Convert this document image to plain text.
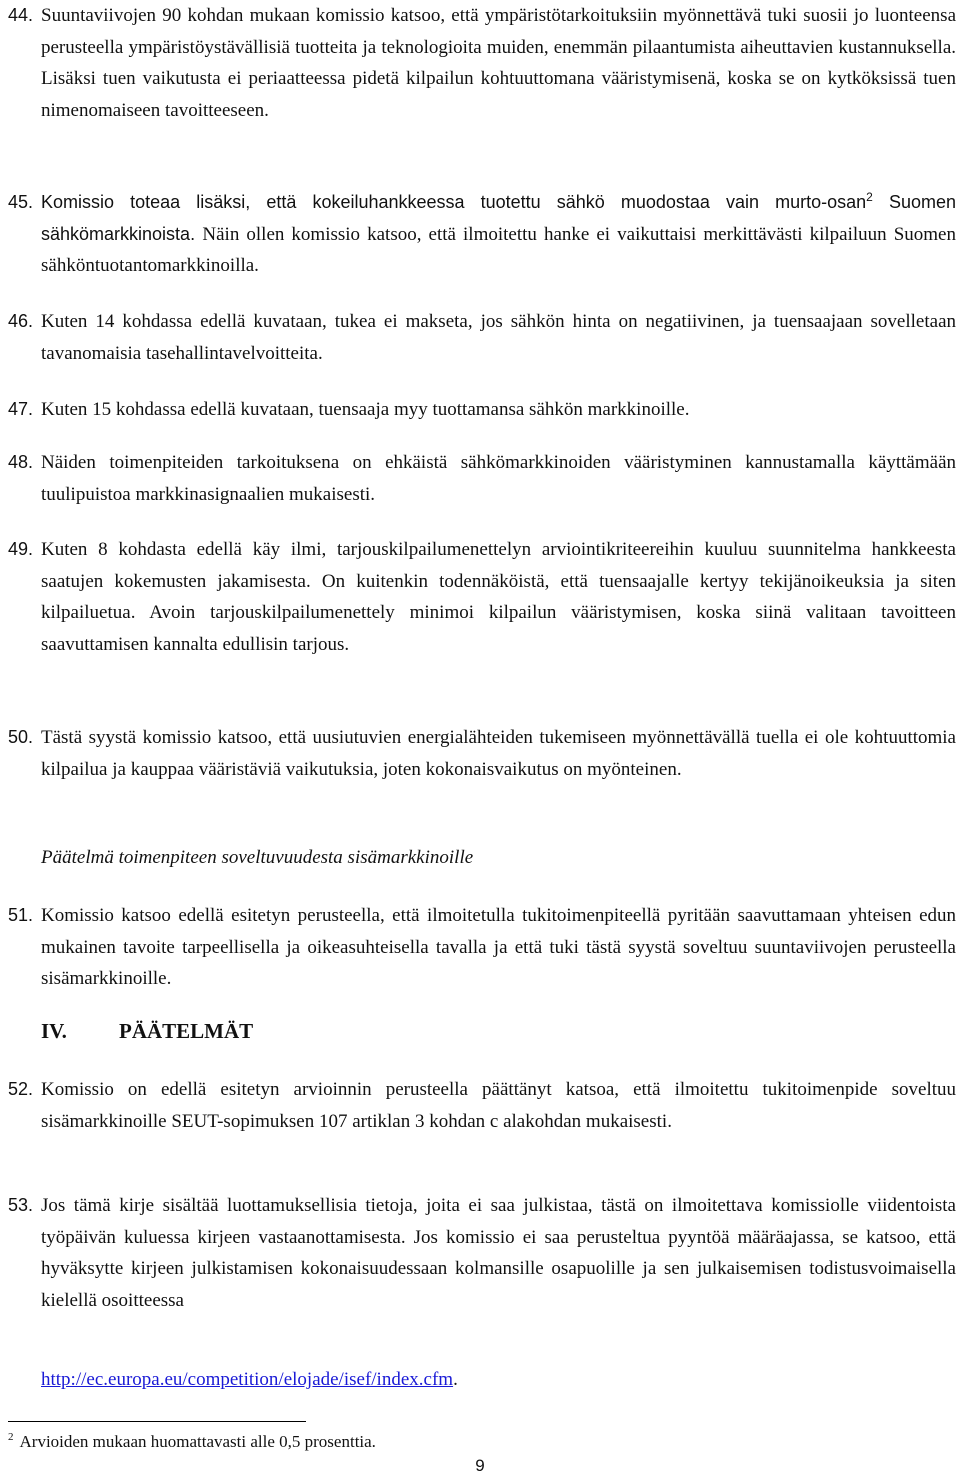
44. Suuntaviivojen 90 kohdan mukaan komissio katsoo, että ympäristötarkoituksiin myönnettävä tuki suosii jo luonteensa perusteella ympäristöystävällisiä tuotteita ja teknologioita muiden, enemmän pilaantumista aiheuttavien kustannuksella. Lisäksi tuen vaikutusta ei periaatteessa pidetä kilpailun kohtuuttomana vääristymisenä, koska se on kytköksissä tuen nimenomaiseen tavoitteeseen.
45. Komissio toteaa lisäksi, että kokeiluhankkeessa tuotettu sähkö muodostaa vain murto-osan$^2$ Suomen sähkömarkkinoista. Näin ollen komissio katsoo, että ilmoitettu hanke ei vaikuttaisi merkittävästi kilpailuun Suomen sähköntuotantomarkkinoilla.
46. Kuten 14 kohdassa edellä kuvataan, tukea ei makseta, jos sähkön hinta on negatiivinen, ja tuensaajaan sovelletaan tavanomaisia tasehallintavelvoitteita.
47. Kuten 15 kohdassa edellä kuvataan, tuensaaja myy tuottamansa sähkön markkinoille.
48. Näiden toimenpiteiden tarkoituksena on ehkäistä sähkömarkkinoiden vääristyminen kannustamalla käyttämään tuulipuistoa markkinasignaalien mukaisesti.
49. Kuten 8 kohdasta edellä käy ilmi, tarjouskilpailumenettelyn arviointikriteereihin kuuluu suunnitelma hankkeesta saatujen kokemusten jakamisesta. On kuitenkin todennäköistä, että tuensaajalle kertyy tekijänoikeuksia ja siten kilpailuetua. Avoin tarjouskilpailumenettely minimoi kilpailun vääristymisen, koska siinä valitaan tavoitteen saavuttamisen kannalta edullisin tarjous.
50. Tästä syystä komissio katsoo, että uusiutuvien energialähteiden tukemiseen myönnettävällä tuella ei ole kohtuuttomia kilpailua ja kauppaa vääristäviä vaikutuksia, joten kokonaisvaikutus on myönteinen.
Päätelmä toimenpiteen soveltuvuudesta sisämarkkinoille
51. Komissio katsoo edellä esitetyn perusteella, että ilmoitetulla tukitoimenpiteellä pyritään saavuttamaan yhteisen edun mukainen tavoite tarpeellisella ja oikeasuhteisella tavalla ja että tuki tästä syystä soveltuu suuntaviivojen perusteella sisämarkkinoille.
IV. PÄÄTELMÄT
52. Komissio on edellä esitetyn arvioinnin perusteella päättänyt katsoa, että ilmoitettu tukitoimenpide soveltuu sisämarkkinoille SEUT-sopimuksen 107 artiklan 3 kohdan c alakohdan mukaisesti.
53. Jos tämä kirje sisältää luottamuksellisia tietoja, joita ei saa julkistaa, tästä on ilmoitettava komissiolle viidentoista työpäivän kuluessa kirjeen vastaanottamisesta. Jos komissio ei saa perusteltua pyyntöä määräajassa, se katsoo, että hyväksytte kirjeen julkistamisen kokonaisuudessaan kolmansille osapuolille ja sen julkaisemisen todistusvoimaisella kielellä osoitteessa
http://ec.europa.eu/competition/elojade/isef/index.cfm.
$^2$ Arvioiden mukaan huomattavasti alle 0,5 prosenttia.
9
